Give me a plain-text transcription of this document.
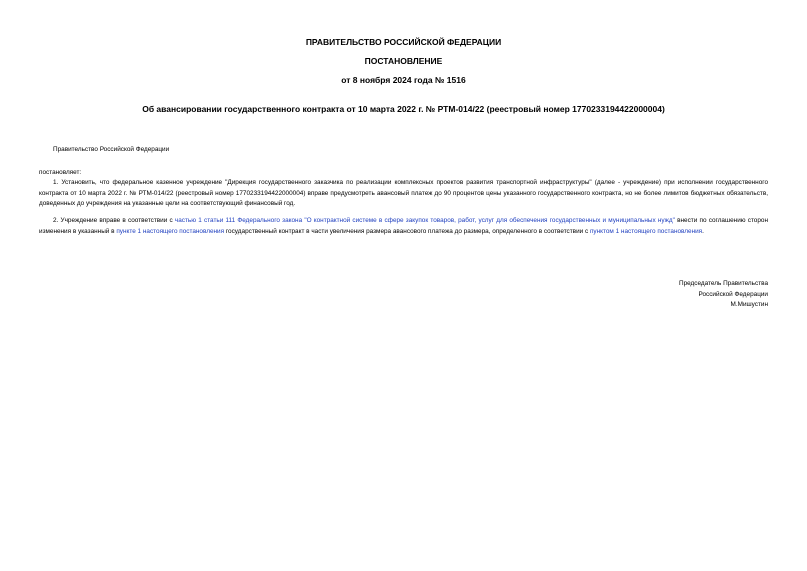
ПРАВИТЕЛЬСТВО РОССИЙСКОЙ ФЕДЕРАЦИИ
ПОСТАНОВЛЕНИЕ
от 8 ноября 2024 года № 1516
Об авансировании государственного контракта от 10 марта 2022 г. № РТМ-014/22 (реестровый номер 1770233194422000004)
Правительство Российской Федерации
постановляет:
1. Установить, что федеральное казенное учреждение "Дирекция государственного заказчика по реализации комплексных проектов развития транспортной инфраструктуры" (далее - учреждение) при исполнении государственного контракта от 10 марта 2022 г. № РТМ-014/22 (реестровый номер 1770233194422000004) вправе предусмотреть авансовый платеж до 90 процентов цены указанного государственного контракта, но не более лимитов бюджетных обязательств, доведенных до учреждения на указанные цели на соответствующий финансовый год.
2. Учреждение вправе в соответствии с частью 1 статьи 111 Федерального закона "О контрактной системе в сфере закупок товаров, работ, услуг для обеспечения государственных и муниципальных нужд" внести по соглашению сторон изменения в указанный в пункте 1 настоящего постановления государственный контракт в части увеличения размера авансового платежа до размера, определенного в соответствии с пунктом 1 настоящего постановления.
Председатель Правительства
Российской Федерации
М.Мишустин
